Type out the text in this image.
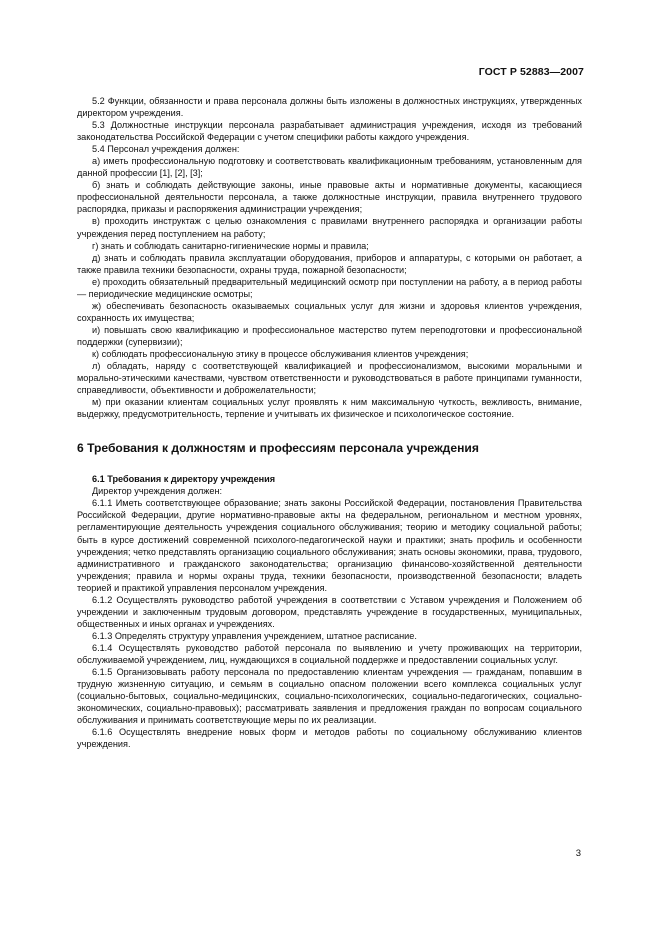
ГОСТ Р 52883—2007

5.2 Функции, обязанности и права персонала должны быть изложены в должностных инструкциях, утвержденных директором учреждения.

5.3 Должностные инструкции персонала разрабатывает администрация учреждения, исходя из требований законодательства Российской Федерации с учетом специфики работы каждого учреждения.

5.4 Персонал учреждения должен:

а) иметь профессиональную подготовку и соответствовать квалификационным требованиям, установленным для данной профессии [1], [2], [3];

б) знать и соблюдать действующие законы, иные правовые акты и нормативные документы, касающиеся профессиональной деятельности персонала, а также должностные инструкции, правила внутреннего трудового распорядка, приказы и распоряжения администрации учреждения;

в) проходить инструктаж с целью ознакомления с правилами внутреннего распорядка и организации работы учреждения перед поступлением на работу;

г) знать и соблюдать санитарно-гигиенические нормы и правила;

д) знать и соблюдать правила эксплуатации оборудования, приборов и аппаратуры, с которыми он работает, а также правила техники безопасности, охраны труда, пожарной безопасности;

е) проходить обязательный предварительный медицинский осмотр при поступлении на работу, а в период работы — периодические медицинские осмотры;

ж) обеспечивать безопасность оказываемых социальных услуг для жизни и здоровья клиентов учреждения, сохранность их имущества;

и) повышать свою квалификацию и профессиональное мастерство путем переподготовки и профессиональной поддержки (супервизии);

к) соблюдать профессиональную этику в процессе обслуживания клиентов учреждения;

л) обладать, наряду с соответствующей квалификацией и профессионализмом, высокими моральными и морально-этическими качествами, чувством ответственности и руководствоваться в работе принципами гуманности, справедливости, объективности и доброжелательности;

м) при оказании клиентам социальных услуг проявлять к ним максимальную чуткость, вежливость, внимание, выдержку, предусмотрительность, терпение и учитывать их физическое и психологическое состояние.

6 Требования к должностям и профессиям персонала учреждения

6.1 Требования к директору учреждения

Директор учреждения должен:

6.1.1 Иметь соответствующее образование; знать законы Российской Федерации, постановления Правительства Российской Федерации, другие нормативно-правовые акты на федеральном, региональном и местном уровнях, регламентирующие деятельность учреждения социального обслуживания; теорию и методику социальной работы; быть в курсе достижений современной психолого-педагогической науки и практики; знать профиль и особенности учреждения; четко представлять организацию социального обслуживания; знать основы экономики, права, трудового, административного и гражданского законодательства; организацию финансово-хозяйственной деятельности учреждения; правила и нормы охраны труда, техники безопасности, производственной безопасности; владеть теорией и практикой управления персоналом учреждения.

6.1.2 Осуществлять руководство работой учреждения в соответствии с Уставом учреждения и Положением об учреждении и заключенным трудовым договором, представлять учреждение в государственных, муниципальных, общественных и иных органах и учреждениях.

6.1.3 Определять структуру управления учреждением, штатное расписание.

6.1.4 Осуществлять руководство работой персонала по выявлению и учету проживающих на территории, обслуживаемой учреждением, лиц, нуждающихся в социальной поддержке и предоставлении социальных услуг.

6.1.5 Организовывать работу персонала по предоставлению клиентам учреждения — гражданам, попавшим в трудную жизненную ситуацию, и семьям в социально опасном положении всего комплекса социальных услуг (социально-бытовых, социально-медицинских, социально-психологических, социально-педагогических, социально-экономических, социально-правовых); рассматривать заявления и предложения граждан по вопросам социального обслуживания и принимать соответствующие меры по их реализации.

6.1.6 Осуществлять внедрение новых форм и методов работы по социальному обслуживанию клиентов учреждения.

3
